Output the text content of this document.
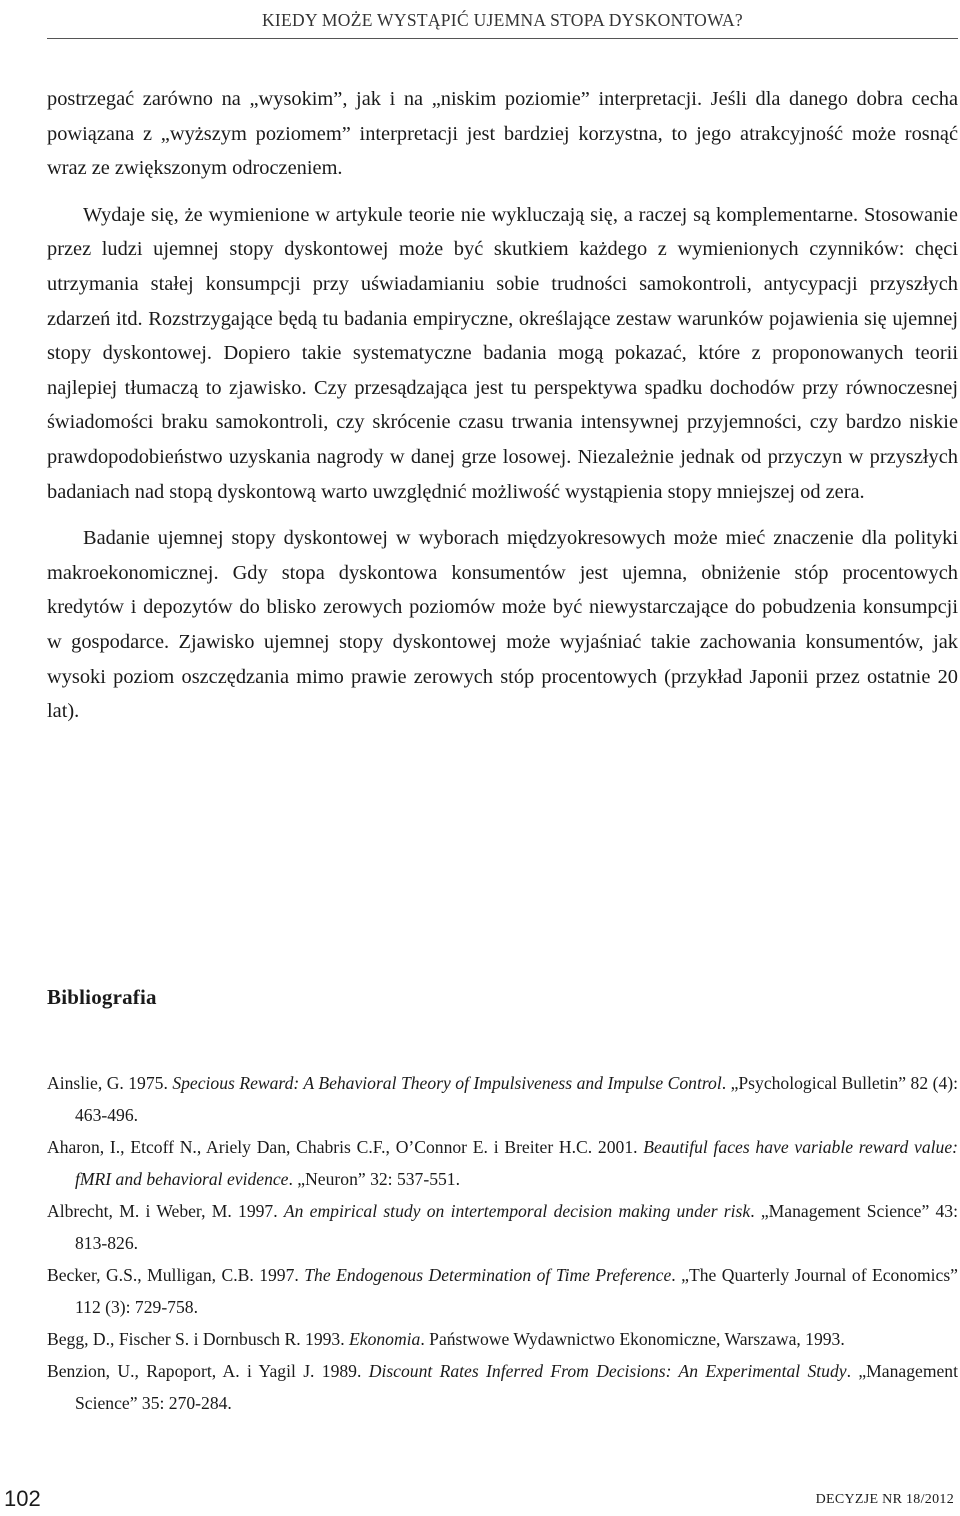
KIEDY MOŻE WYSTĄPIĆ UJEMNA STOPA DYSKONTOWA?

postrzegać zarówno na „wysokim”, jak i na „niskim poziomie” interpretacji. Jeśli dla danego dobra cecha powiązana z „wyższym poziomem” interpretacji jest bardziej korzystna, to jego atrakcyjność może rosnąć wraz ze zwiększonym odroczeniem.

Wydaje się, że wymienione w artykule teorie nie wykluczają się, a raczej są komplementarne. Stosowanie przez ludzi ujemnej stopy dyskontowej może być skutkiem każdego z wymienionych czynników: chęci utrzymania stałej konsumpcji przy uświadamianiu sobie trudności samokontroli, antycypacji przyszłych zdarzeń itd. Rozstrzygające będą tu badania empiryczne, określające zestaw warunków pojawienia się ujemnej stopy dyskontowej. Dopiero takie systematyczne badania mogą pokazać, które z proponowanych teorii najlepiej tłumaczą to zjawisko. Czy przesądzająca jest tu perspektywa spadku dochodów przy równoczesnej świadomości braku samokontroli, czy skrócenie czasu trwania intensywnej przyjemności, czy bardzo niskie prawdopodobieństwo uzyskania nagrody w danej grze losowej. Niezależnie jednak od przyczyn w przyszłych badaniach nad stopą dyskontową warto uwzględnić możliwość wystąpienia stopy mniejszej od zera.

Badanie ujemnej stopy dyskontowej w wyborach międzyokresowych może mieć znaczenie dla polityki makroekonomicznej. Gdy stopa dyskontowa konsumentów jest ujemna, obniżenie stóp procentowych kredytów i depozytów do blisko zerowych poziomów może być niewystarczające do pobudzenia konsumpcji w gospodarce. Zjawisko ujemnej stopy dyskontowej może wyjaśniać takie zachowania konsumentów, jak wysoki poziom oszczędzania mimo prawie zerowych stóp procentowych (przykład Japonii przez ostatnie 20 lat).

Bibliografia
Ainslie, G. 1975. Specious Reward: A Behavioral Theory of Impulsiveness and Impulse Control. „Psychological Bulletin” 82 (4): 463-496.
Aharon, I., Etcoff N., Ariely Dan, Chabris C.F., O’Connor E. i Breiter H.C. 2001. Beautiful faces have variable reward value: fMRI and behavioral evidence. „Neuron” 32: 537-551.
Albrecht, M. i Weber, M. 1997. An empirical study on intertemporal decision making under risk. „Management Science” 43: 813-826.
Becker, G.S., Mulligan, C.B. 1997. The Endogenous Determination of Time Preference. „The Quarterly Journal of Economics” 112 (3): 729-758.
Begg, D., Fischer S. i Dornbusch R. 1993. Ekonomia. Państwowe Wydawnictwo Ekonomiczne, Warszawa, 1993.
Benzion, U., Rapoport, A. i Yagil J. 1989. Discount Rates Inferred From Decisions: An Experimental Study. „Management Science” 35: 270-284.
102	DECYZJE NR 18/2012
